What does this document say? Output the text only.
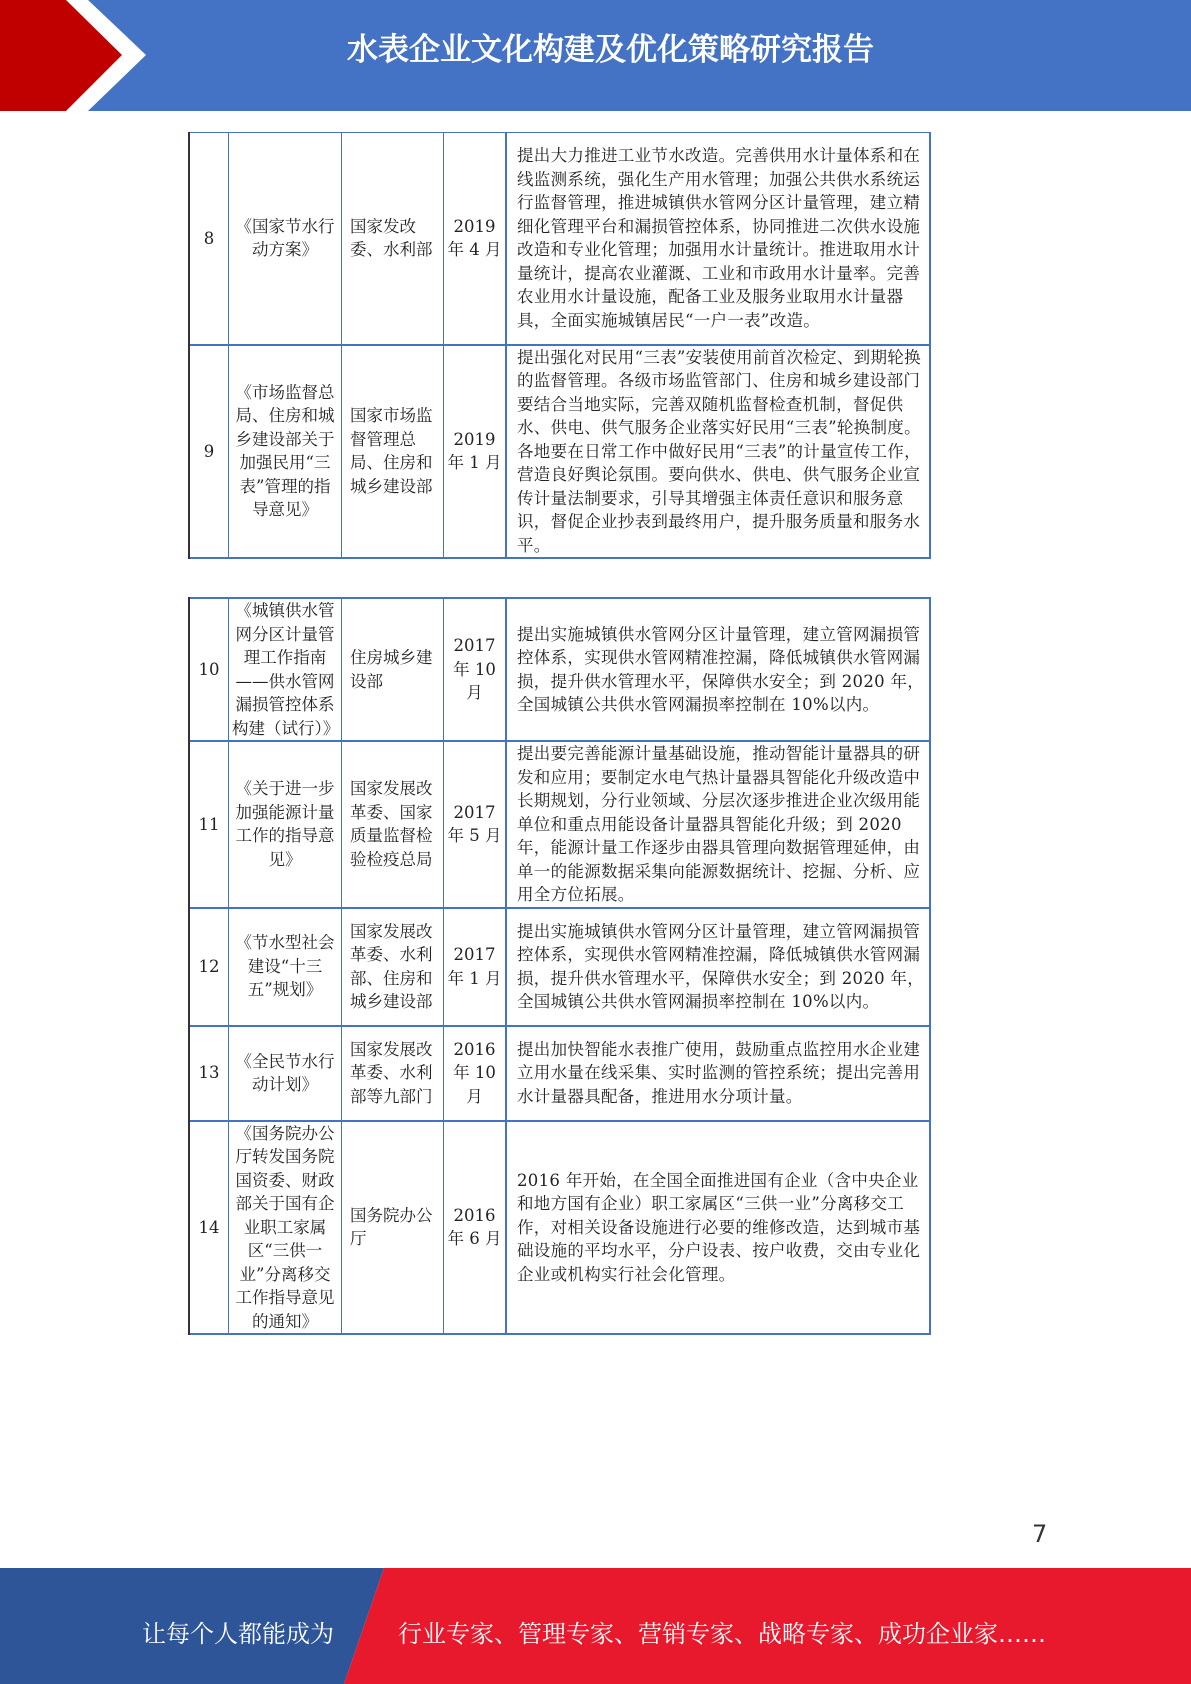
水表企业文化构建及优化策略研究报告
8	《国家节水行动方案》	国家发改委、水利部	2019 年 4 月	提出大力推进工业节水改造。完善供用水计量体系和在线监测系统，强化生产用水管理；加强公共供水系统运行监督管理，推进城镇供水管网分区计量管理，建立精细化管理平台和漏损管控体系，协同推进二次供水设施改造和专业化管理；加强用水计量统计。推进取用水计量统计，提高农业灌溉、工业和市政用水计量率。完善农业用水计量设施，配备工业及服务业取用水计量器具，全面实施城镇居民“一户一表”改造。
9	《市场监督总局、住房和城乡建设部关于加强民用“三表”管理的指导意见》	国家市场监督管理总局、住房和城乡建设部	2019 年 1 月	提出强化对民用“三表”安装使用前首次检定、到期轮换的监督管理。各级市场监管部门、住房和城乡建设部门要结合当地实际，完善双随机监督检查机制，督促供水、供电、供气服务企业落实好民用“三表”轮换制度。各地要在日常工作中做好民用“三表”的计量宣传工作，营造良好舆论氛围。要向供水、供电、供气服务企业宣传计量法制要求，引导其增强主体责任意识和服务意识，督促企业抄表到最终用户，提升服务质量和服务水平。
10	《城镇供水管网分区计量管理工作指南——供水管网漏损管控体系构建（试行）》	住房城乡建设部	2017 年 10 月	提出实施城镇供水管网分区计量管理，建立管网漏损管控体系，实现供水管网精准控漏，降低城镇供水管网漏损，提升供水管理水平，保障供水安全；到 2020 年，全国城镇公共供水管网漏损率控制在 10%以内。
11	《关于进一步加强能源计量工作的指导意见》	国家发展改革委、国家质量监督检验检疫总局	2017 年 5 月	提出要完善能源计量基础设施，推动智能计量器具的研发和应用；要制定水电气热计量器具智能化升级改造中长期规划，分行业领域、分层次逐步推进企业次级用能单位和重点用能设备计量器具智能化升级；到 2020 年，能源计量工作逐步由器具管理向数据管理延伸，由单一的能源数据采集向能源数据统计、挖掘、分析、应用全方位拓展。
12	《节水型社会建设“十三五”规划》	国家发展改革委、水利部、住房和城乡建设部	2017 年 1 月	提出实施城镇供水管网分区计量管理，建立管网漏损管控体系，实现供水管网精准控漏，降低城镇供水管网漏损，提升供水管理水平，保障供水安全；到 2020 年，全国城镇公共供水管网漏损率控制在 10%以内。
13	《全民节水行动计划》	国家发展改革委、水利部等九部门	2016 年 10 月	提出加快智能水表推广使用，鼓励重点监控用水企业建立用水量在线采集、实时监测的管控系统；提出完善用水计量器具配备，推进用水分项计量。
14	《国务院办公厅转发国务院国资委、财政部关于国有企业职工家属区“三供一业”分离移交工作指导意见的通知》	国务院办公厅	2016 年 6 月	2016 年开始，在全国全面推进国有企业（含中央企业和地方国有企业）职工家属区“三供一业”分离移交工作，对相关设备设施进行必要的维修改造，达到城市基础设施的平均水平，分户设表、按户收费，交由专业化企业或机构实行社会化管理。
7
让每个人都能成为	行业专家、管理专家、营销专家、战略专家、成功企业家……
